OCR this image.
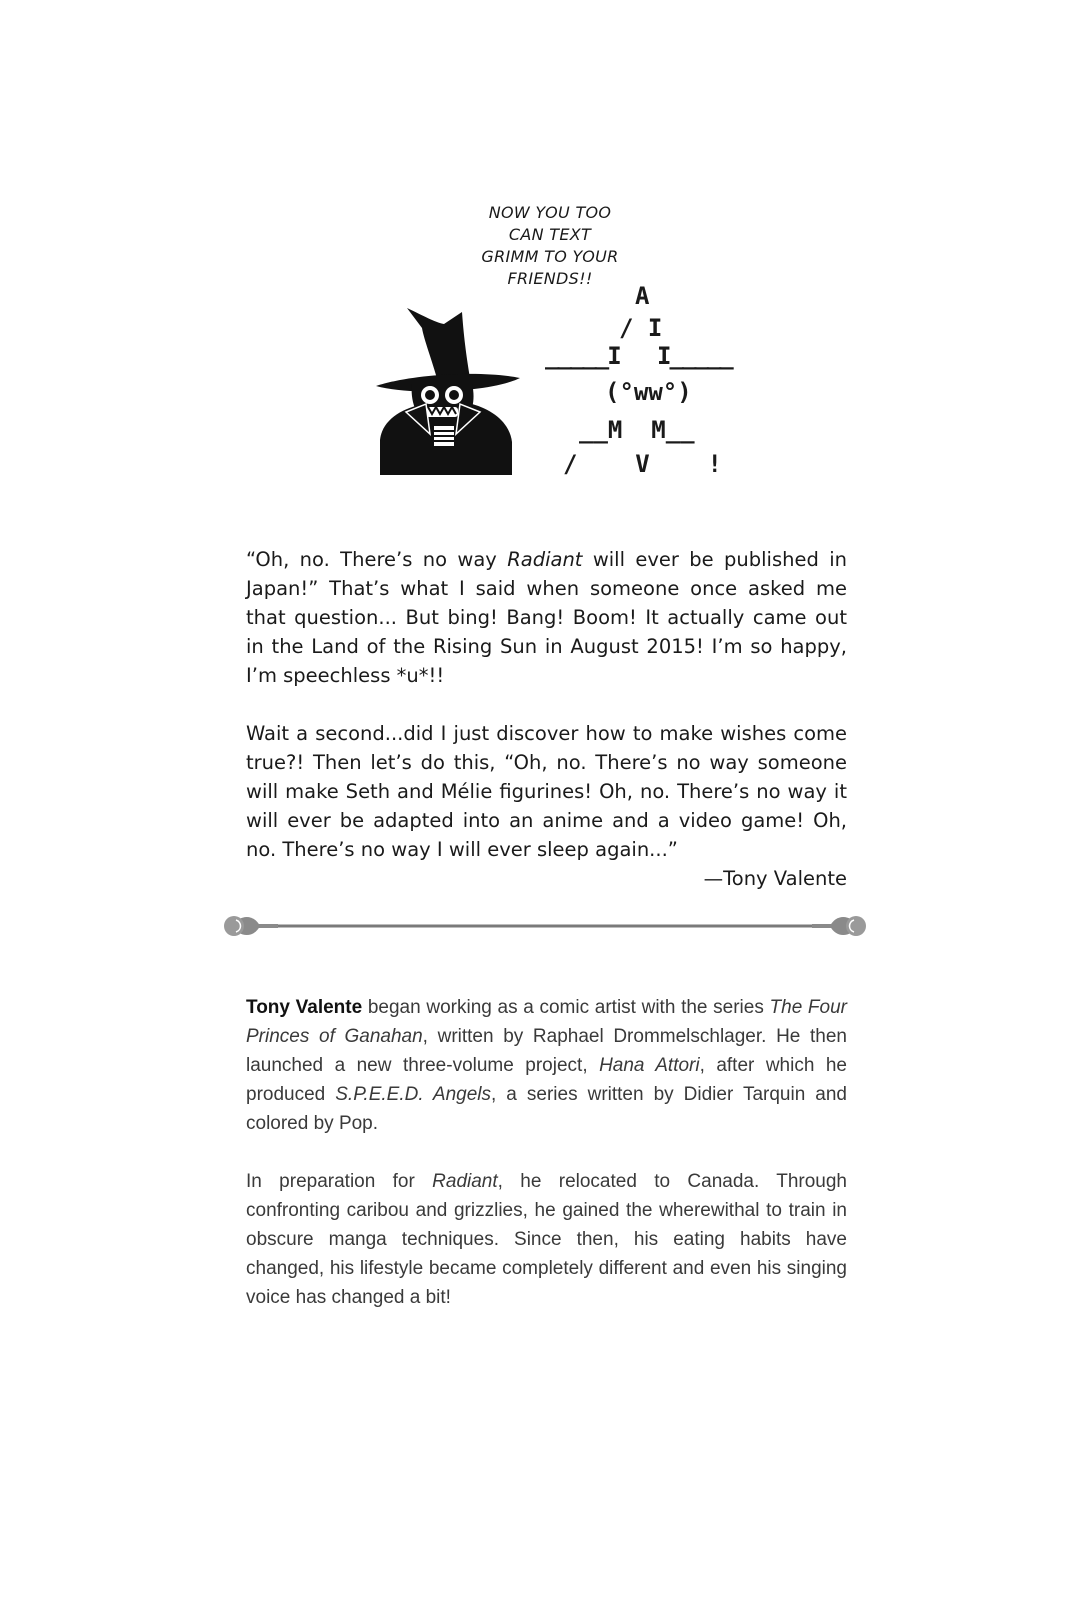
NOW YOU TOO
CAN TEXT
GRIMM TO YOUR
FRIENDS!!
A
/ I
_____I   I_____
(°ww°)
__M  M__
/    V    !

“Oh, no. There’s no way Radiant will ever be published in Japan!” That’s what I said when someone once asked me that question... But bing! Bang! Boom! It actually came out in the Land of the Rising Sun in August 2015! I’m so happy, I’m speechless *u*!!

Wait a second...did I just discover how to make wishes come true?! Then let’s do this, “Oh, no. There’s no way someone will make Seth and Mélie figurines! Oh, no. There’s no way it will ever be adapted into an anime and a video game! Oh, no. There’s no way I will ever sleep again...”

—Tony Valente

Tony Valente began working as a comic artist with the series The Four Princes of Ganahan, written by Raphael Drommelschlager. He then launched a new three-volume project, Hana Attori, after which he produced S.P.E.E.D. Angels, a series written by Didier Tarquin and colored by Pop.

In preparation for Radiant, he relocated to Canada. Through confronting caribou and grizzlies, he gained the wherewithal to train in obscure manga techniques. Since then, his eating habits have changed, his lifestyle became completely different and even his singing voice has changed a bit!
